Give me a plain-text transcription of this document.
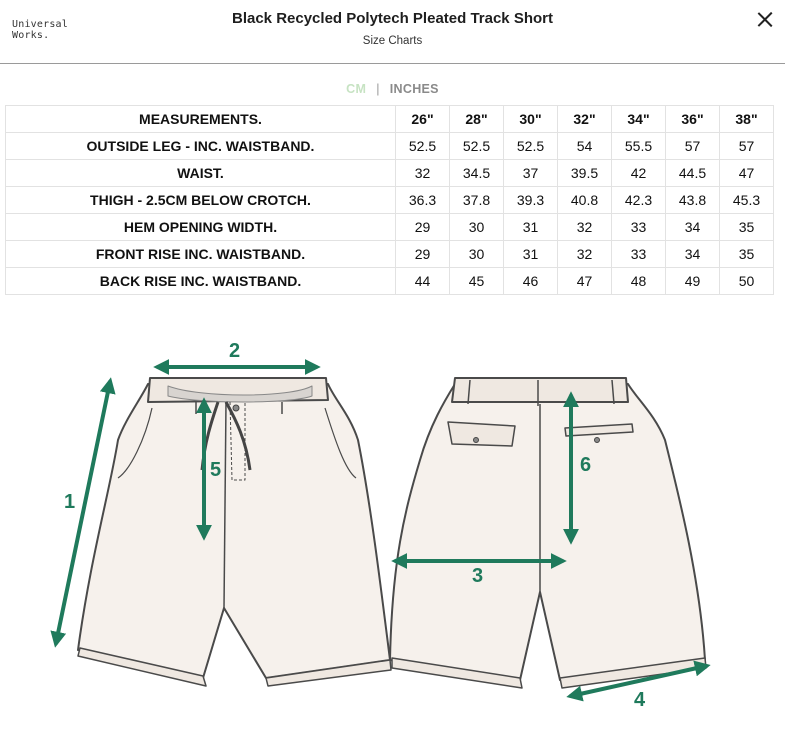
Universal
Works.
Black Recycled Polytech Pleated Track Short
Size Charts
CM | INCHES
MEASUREMENTS.	26"	28"	30"	32"	34"	36"	38"
OUTSIDE LEG - INC. WAISTBAND.	52.5	52.5	52.5	54	55.5	57	57
WAIST.	32	34.5	37	39.5	42	44.5	47
THIGH - 2.5CM BELOW CROTCH.	36.3	37.8	39.3	40.8	42.3	43.8	45.3
HEM OPENING WIDTH.	29	30	31	32	33	34	35
FRONT RISE INC. WAISTBAND.	29	30	31	32	33	34	35
BACK RISE INC. WAISTBAND.	44	45	46	47	48	49	50
1
2
3
4
5	6
